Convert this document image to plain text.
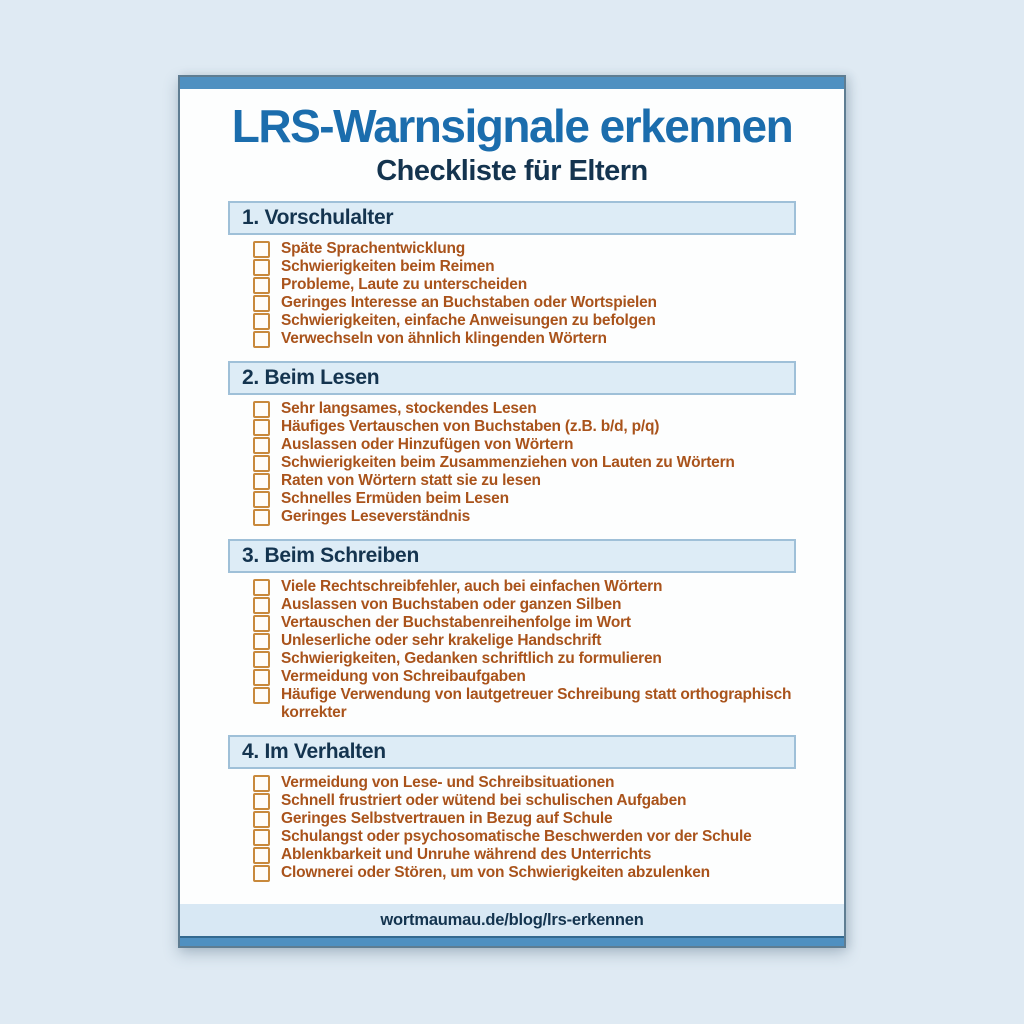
LRS-Warnsignale erkennen
Checkliste für Eltern
1. Vorschulalter
Späte Sprachentwicklung
Schwierigkeiten beim Reimen
Probleme, Laute zu unterscheiden
Geringes Interesse an Buchstaben oder Wortspielen
Schwierigkeiten, einfache Anweisungen zu befolgen
Verwechseln von ähnlich klingenden Wörtern
2. Beim Lesen
Sehr langsames, stockendes Lesen
Häufiges Vertauschen von Buchstaben (z.B. b/d, p/q)
Auslassen oder Hinzufügen von Wörtern
Schwierigkeiten beim Zusammenziehen von Lauten zu Wörtern
Raten von Wörtern statt sie zu lesen
Schnelles Ermüden beim Lesen
Geringes Leseverständnis
3. Beim Schreiben
Viele Rechtschreibfehler, auch bei einfachen Wörtern
Auslassen von Buchstaben oder ganzen Silben
Vertauschen der Buchstabenreihenfolge im Wort
Unleserliche oder sehr krakelige Handschrift
Schwierigkeiten, Gedanken schriftlich zu formulieren
Vermeidung von Schreibaufgaben
Häufige Verwendung von lautgetreuer Schreibung statt orthographisch korrekter
4. Im Verhalten
Vermeidung von Lese- und Schreibsituationen
Schnell frustriert oder wütend bei schulischen Aufgaben
Geringes Selbstvertrauen in Bezug auf Schule
Schulangst oder psychosomatische Beschwerden vor der Schule
Ablenkbarkeit und Unruhe während des Unterrichts
Clownerei oder Stören, um von Schwierigkeiten abzulenken
wortmaumau.de/blog/lrs-erkennen
